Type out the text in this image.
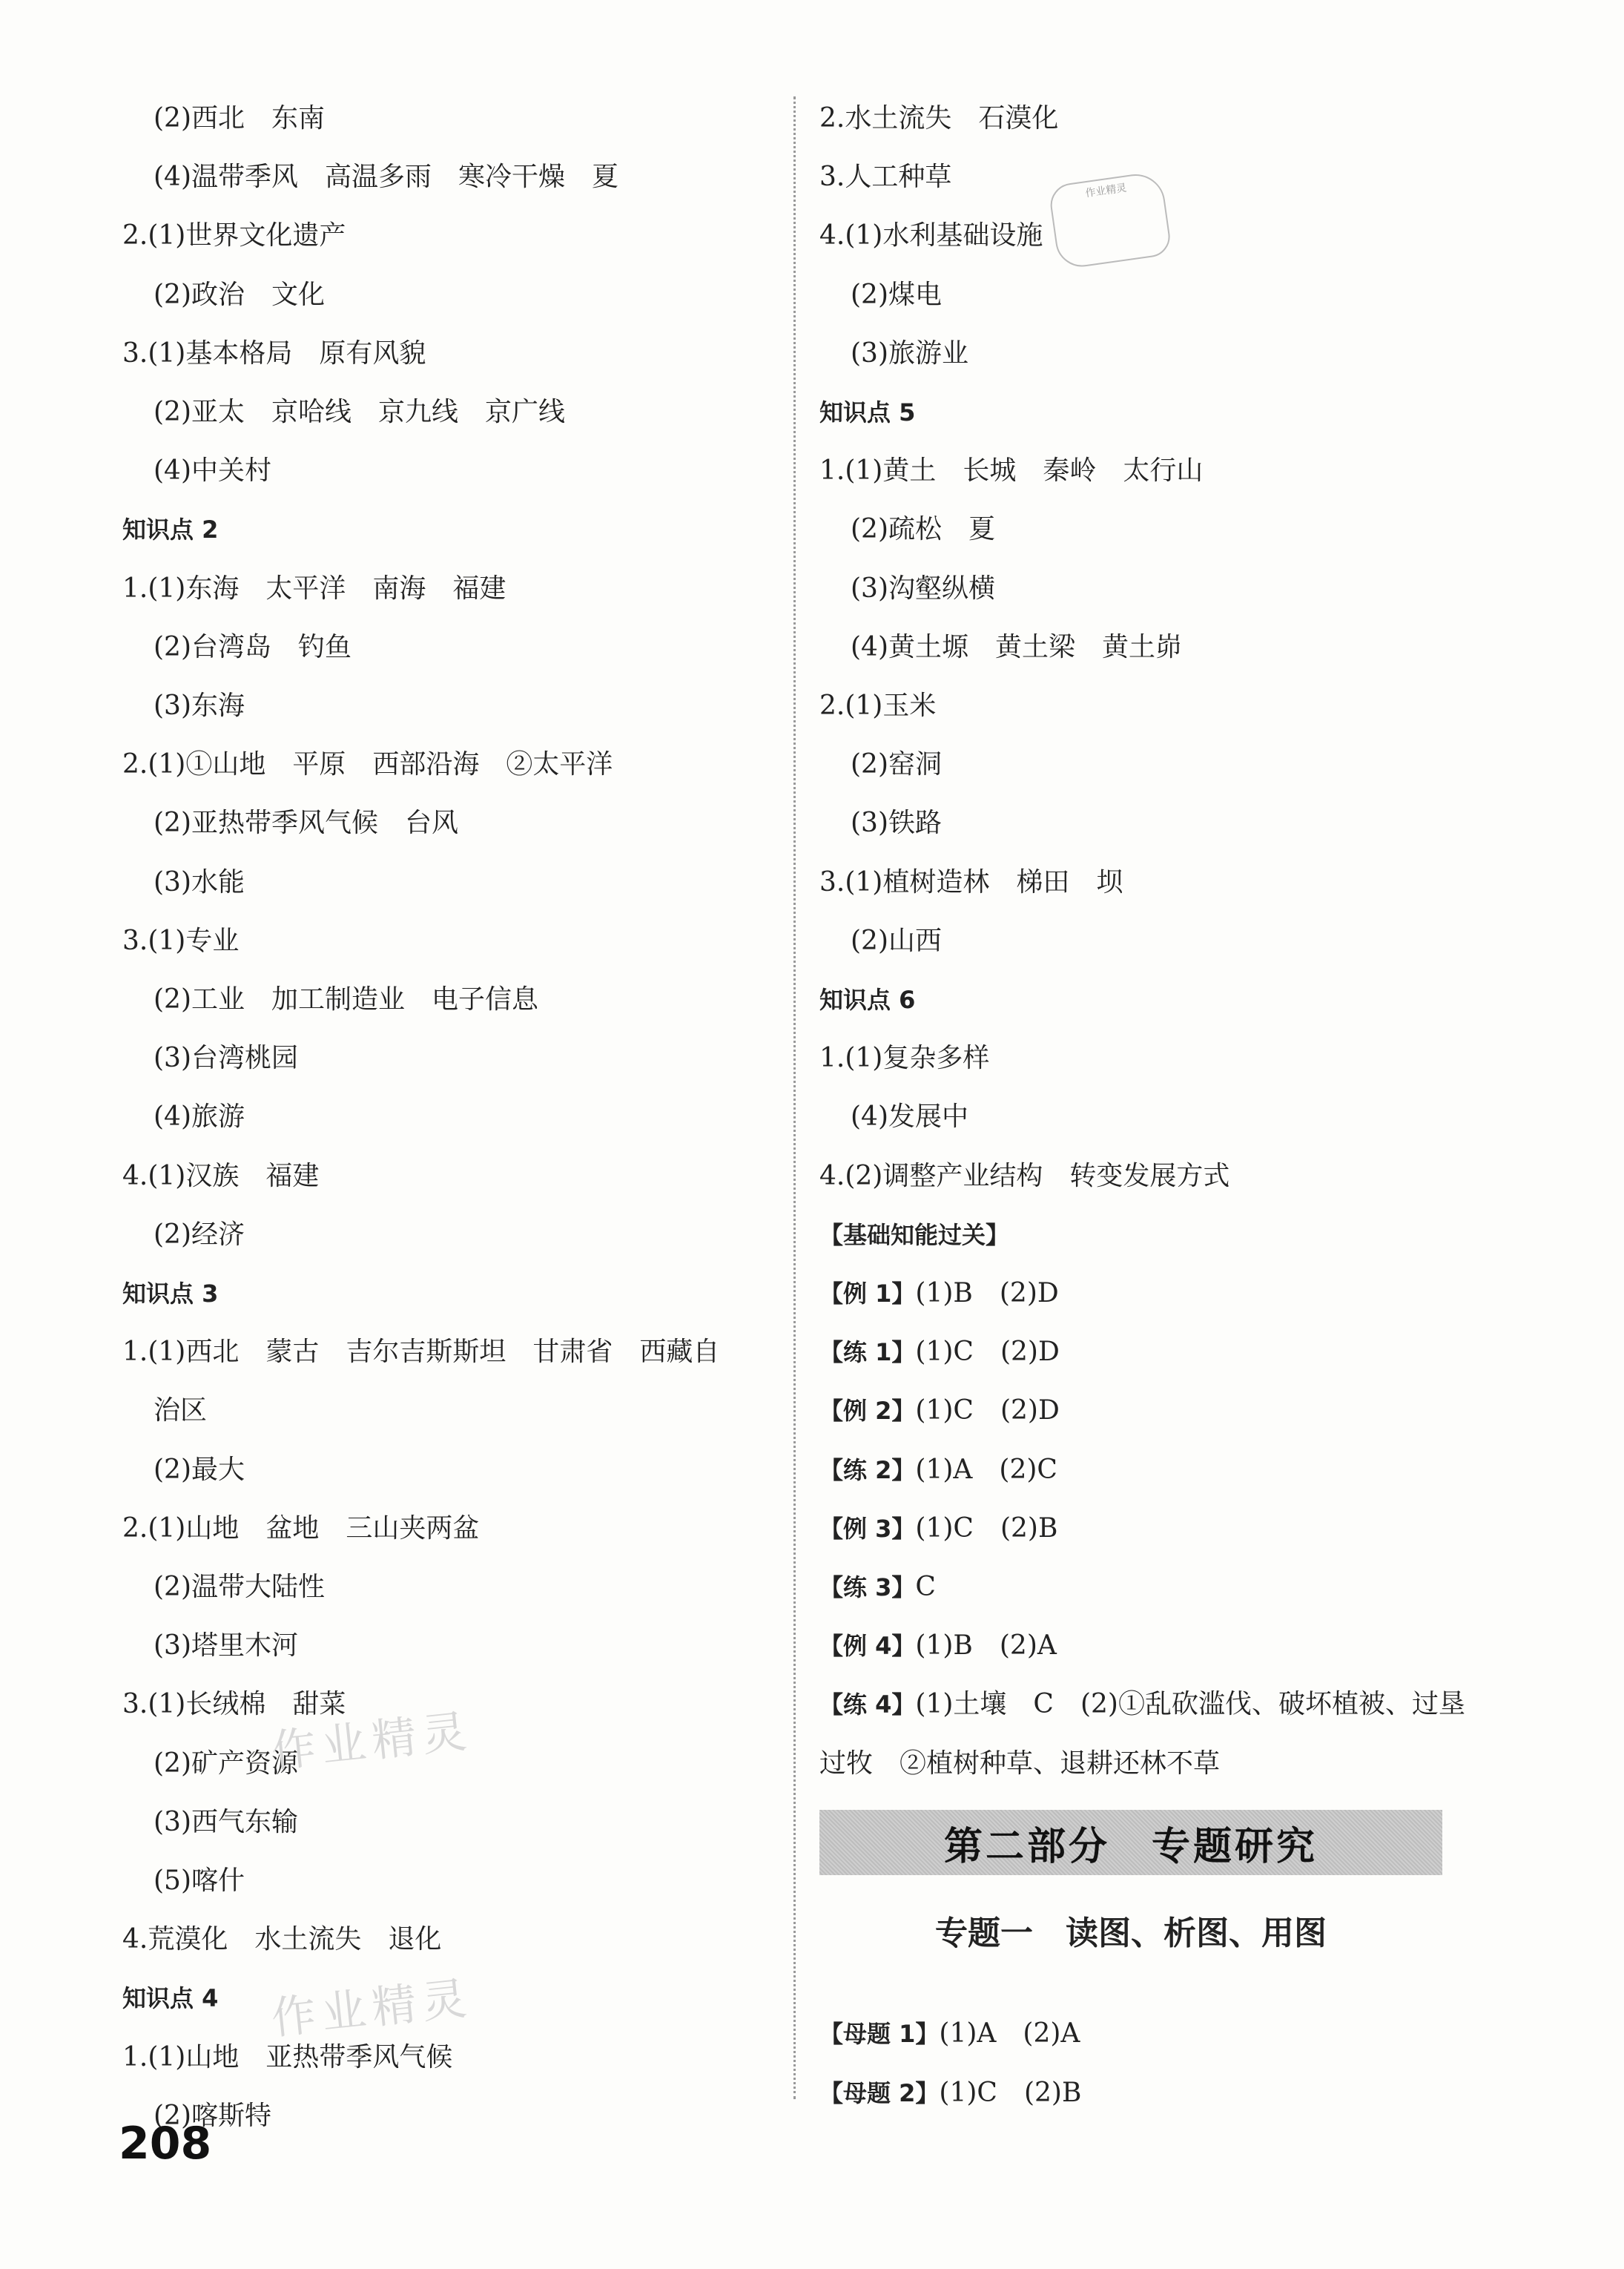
(2)西北　东南
(4)温带季风　高温多雨　寒冷干燥　夏
2.(1)世界文化遗产
(2)政治　文化
3.(1)基本格局　原有风貌
(2)亚太　京哈线　京九线　京广线
(4)中关村
知识点 2
1.(1)东海　太平洋　南海　福建
(2)台湾岛　钓鱼
(3)东海
2.(1)①山地　平原　西部沿海　②太平洋
(2)亚热带季风气候　台风
(3)水能
3.(1)专业
(2)工业　加工制造业　电子信息
(3)台湾桃园
(4)旅游
4.(1)汉族　福建
(2)经济
知识点 3
1.(1)西北　蒙古　吉尔吉斯斯坦　甘肃省　西藏自
治区
(2)最大
2.(1)山地　盆地　三山夹两盆
(2)温带大陆性
(3)塔里木河
3.(1)长绒棉　甜菜
(2)矿产资源
(3)西气东输
(5)喀什
4.荒漠化　水土流失　退化
知识点 4
1.(1)山地　亚热带季风气候
(2)喀斯特
2.水土流失　石漠化
3.人工种草
4.(1)水利基础设施
(2)煤电
(3)旅游业
知识点 5
1.(1)黄土　长城　秦岭　太行山
(2)疏松　夏
(3)沟壑纵横
(4)黄土塬　黄土梁　黄土峁
2.(1)玉米
(2)窑洞
(3)铁路
3.(1)植树造林　梯田　坝
(2)山西
知识点 6
1.(1)复杂多样
(4)发展中
4.(2)调整产业结构　转变发展方式
【基础知能过关】
【例 1】(1)B　(2)D
【练 1】(1)C　(2)D
【例 2】(1)C　(2)D
【练 2】(1)A　(2)C
【例 3】(1)C　(2)B
【练 3】C
【例 4】(1)B　(2)A
【练 4】(1)土壤　C　(2)①乱砍滥伐、破坏植被、过垦
过牧　②植树种草、退耕还林不草
第二部分　专题研究
专题一　读图、析图、用图
【母题 1】(1)A　(2)A
【母题 2】(1)C　(2)B
208
作业精灵
作业精灵
作业精灵
